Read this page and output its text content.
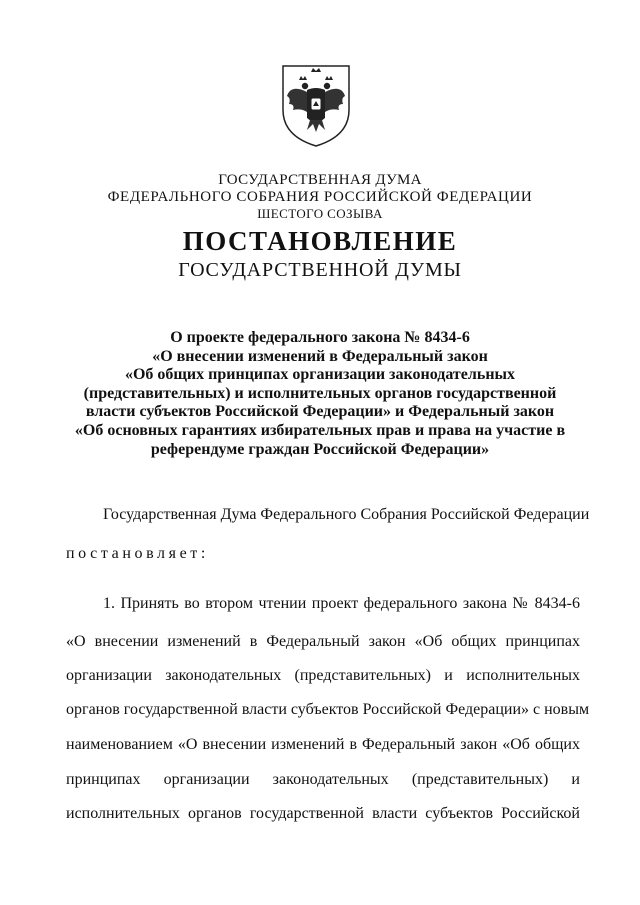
ГОСУДАРСТВЕННАЯ ДУМА
ФЕДЕРАЛЬНОГО СОБРАНИЯ РОССИЙСКОЙ ФЕДЕРАЦИИ
ШЕСТОГО СОЗЫВА
ПОСТАНОВЛЕНИЕ
ГОСУДАРСТВЕННОЙ ДУМЫ
О проекте федерального закона № 8434-6
«О внесении изменений в Федеральный закон
«Об общих принципах организации законодательных
(представительных) и исполнительных органов государственной
власти субъектов Российской Федерации» и Федеральный закон
«Об основных гарантиях избирательных прав и права на участие в
референдуме граждан Российской Федерации»
Государственная Дума Федерального Собрания Российской Федерации
постановляет:
1. Принять во втором чтении проект федерального закона № 8434-6
«О внесении изменений в Федеральный закон «Об общих принципах
организации законодательных (представительных) и исполнительных
органов государственной власти субъектов Российской Федерации» с новым
наименованием «О внесении изменений в Федеральный закон «Об общих
принципах организации законодательных (представительных) и
исполнительных органов государственной власти субъектов Российской
